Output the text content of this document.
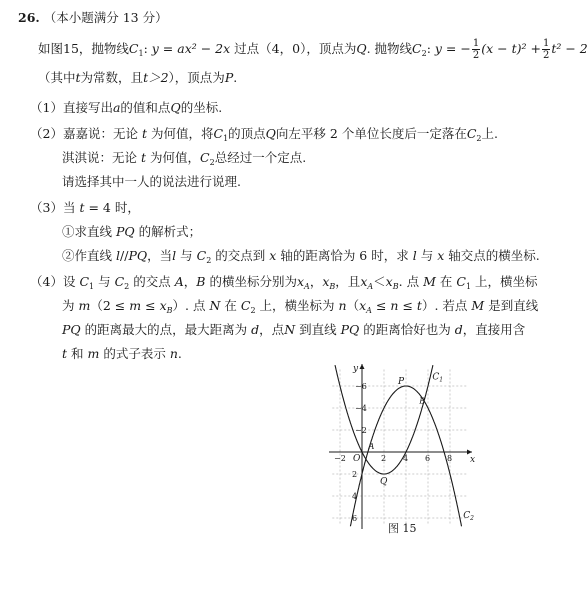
26. （本小题满分 13 分）
如图15，抛物线$C_1$: y = ax² − 2x 过点（4，0），顶点为Q. 抛物线$C_2$: y = − $\frac{1}{2} (x - t)^2 + \frac{1}{2} t^2 - 2$
（其中t为常数，且t＞2），顶点为P.
（1）直接写出a的值和点Q的坐标.
（2）嘉嘉说：无论 t 为何值，将$C_1$的顶点Q向左平移 2 个单位长度后一定落在$C_2$上.
淇淇说：无论 t 为何值，$C_2$总经过一个定点.
请选择其中一人的说法进行说理.
（3）当 t = 4 时，
①求直线 PQ 的解析式；
②作直线 l//PQ，当l 与 $C_2$ 的交点到 x 轴的距离恰为 6 时，求 l 与 x 轴交点的横坐标.
（4）设 $C_1$ 与 $C_2$ 的交点 A，B 的横坐标分别为$x_A$，$x_B$，且$x_A<x_B$. 点 M 在 $C_1$ 上，横坐标
为 $m(2 \le m \le x_B)$. 点 N 在 $C_2$ 上，横坐标为 $n(x_A \le n \le t)$. 若点 M 是到直线
PQ 的距离最大的点，最大距离为 d，点N 到直线 PQ 的距离恰好也为 d，直接用含
t 和 m 的式子表示 n.
x
y
O
−2	2 4 6 8
6
4
2
−2
−4
−6	P
Q
A
B
$C_1$
$C_2$
图 15
